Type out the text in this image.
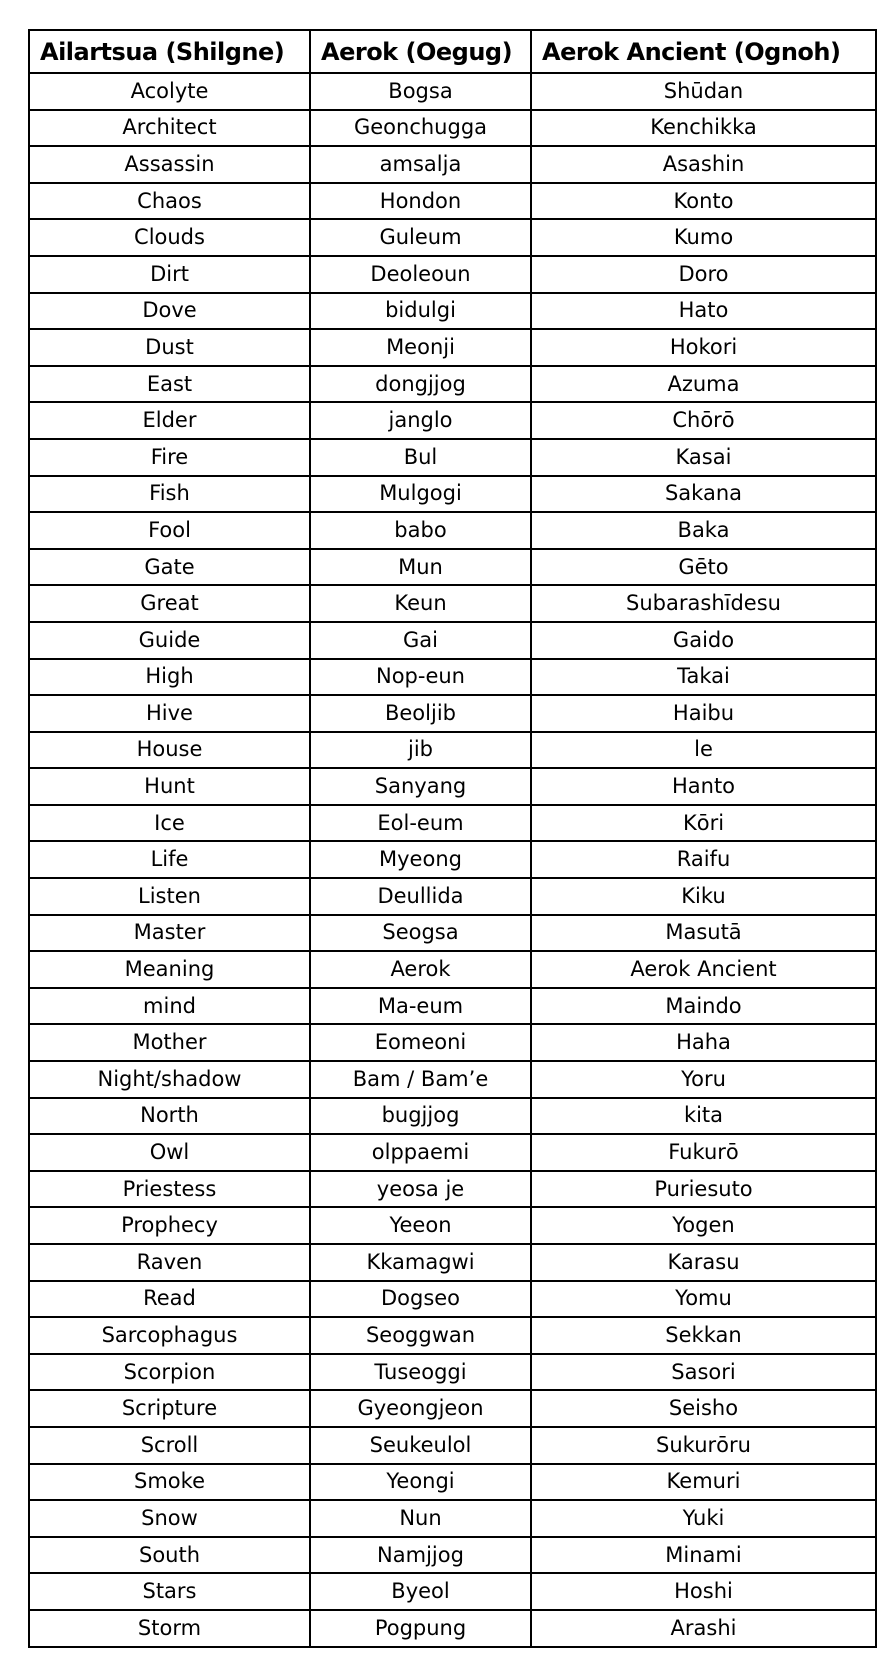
Ailartsua (Shilgne)	Aerok (Oegug)	Aerok Ancient (Ognoh)
Acolyte	Bogsa	Shūdan
Architect	Geonchugga	Kenchikka
Assassin	amsalja	Asashin
Chaos	Hondon	Konto
Clouds	Guleum	Kumo
Dirt	Deoleoun	Doro
Dove	bidulgi	Hato
Dust	Meonji	Hokori
East	dongjjog	Azuma
Elder	janglo	Chōrō
Fire	Bul	Kasai
Fish	Mulgogi	Sakana
Fool	babo	Baka
Gate	Mun	Gēto
Great	Keun	Subarashīdesu
Guide	Gai	Gaido
High	Nop-eun	Takai
Hive	Beoljib	Haibu
House	jib	le
Hunt	Sanyang	Hanto
Ice	Eol-eum	Kōri
Life	Myeong	Raifu
Listen	Deullida	Kiku
Master	Seogsa	Masutā
Meaning	Aerok	Aerok Ancient
mind	Ma-eum	Maindo
Mother	Eomeoni	Haha
Night/shadow	Bam / Bam’e	Yoru
North	bugjjog	kita
Owl	olppaemi	Fukurō
Priestess	yeosa je	Puriesuto
Prophecy	Yeeon	Yogen
Raven	Kkamagwi	Karasu
Read	Dogseo	Yomu
Sarcophagus	Seoggwan	Sekkan
Scorpion	Tuseoggi	Sasori
Scripture	Gyeongjeon	Seisho
Scroll	Seukeulol	Sukurōru
Smoke	Yeongi	Kemuri
Snow	Nun	Yuki
South	Namjjog	Minami
Stars	Byeol	Hoshi
Storm	Pogpung	Arashi
